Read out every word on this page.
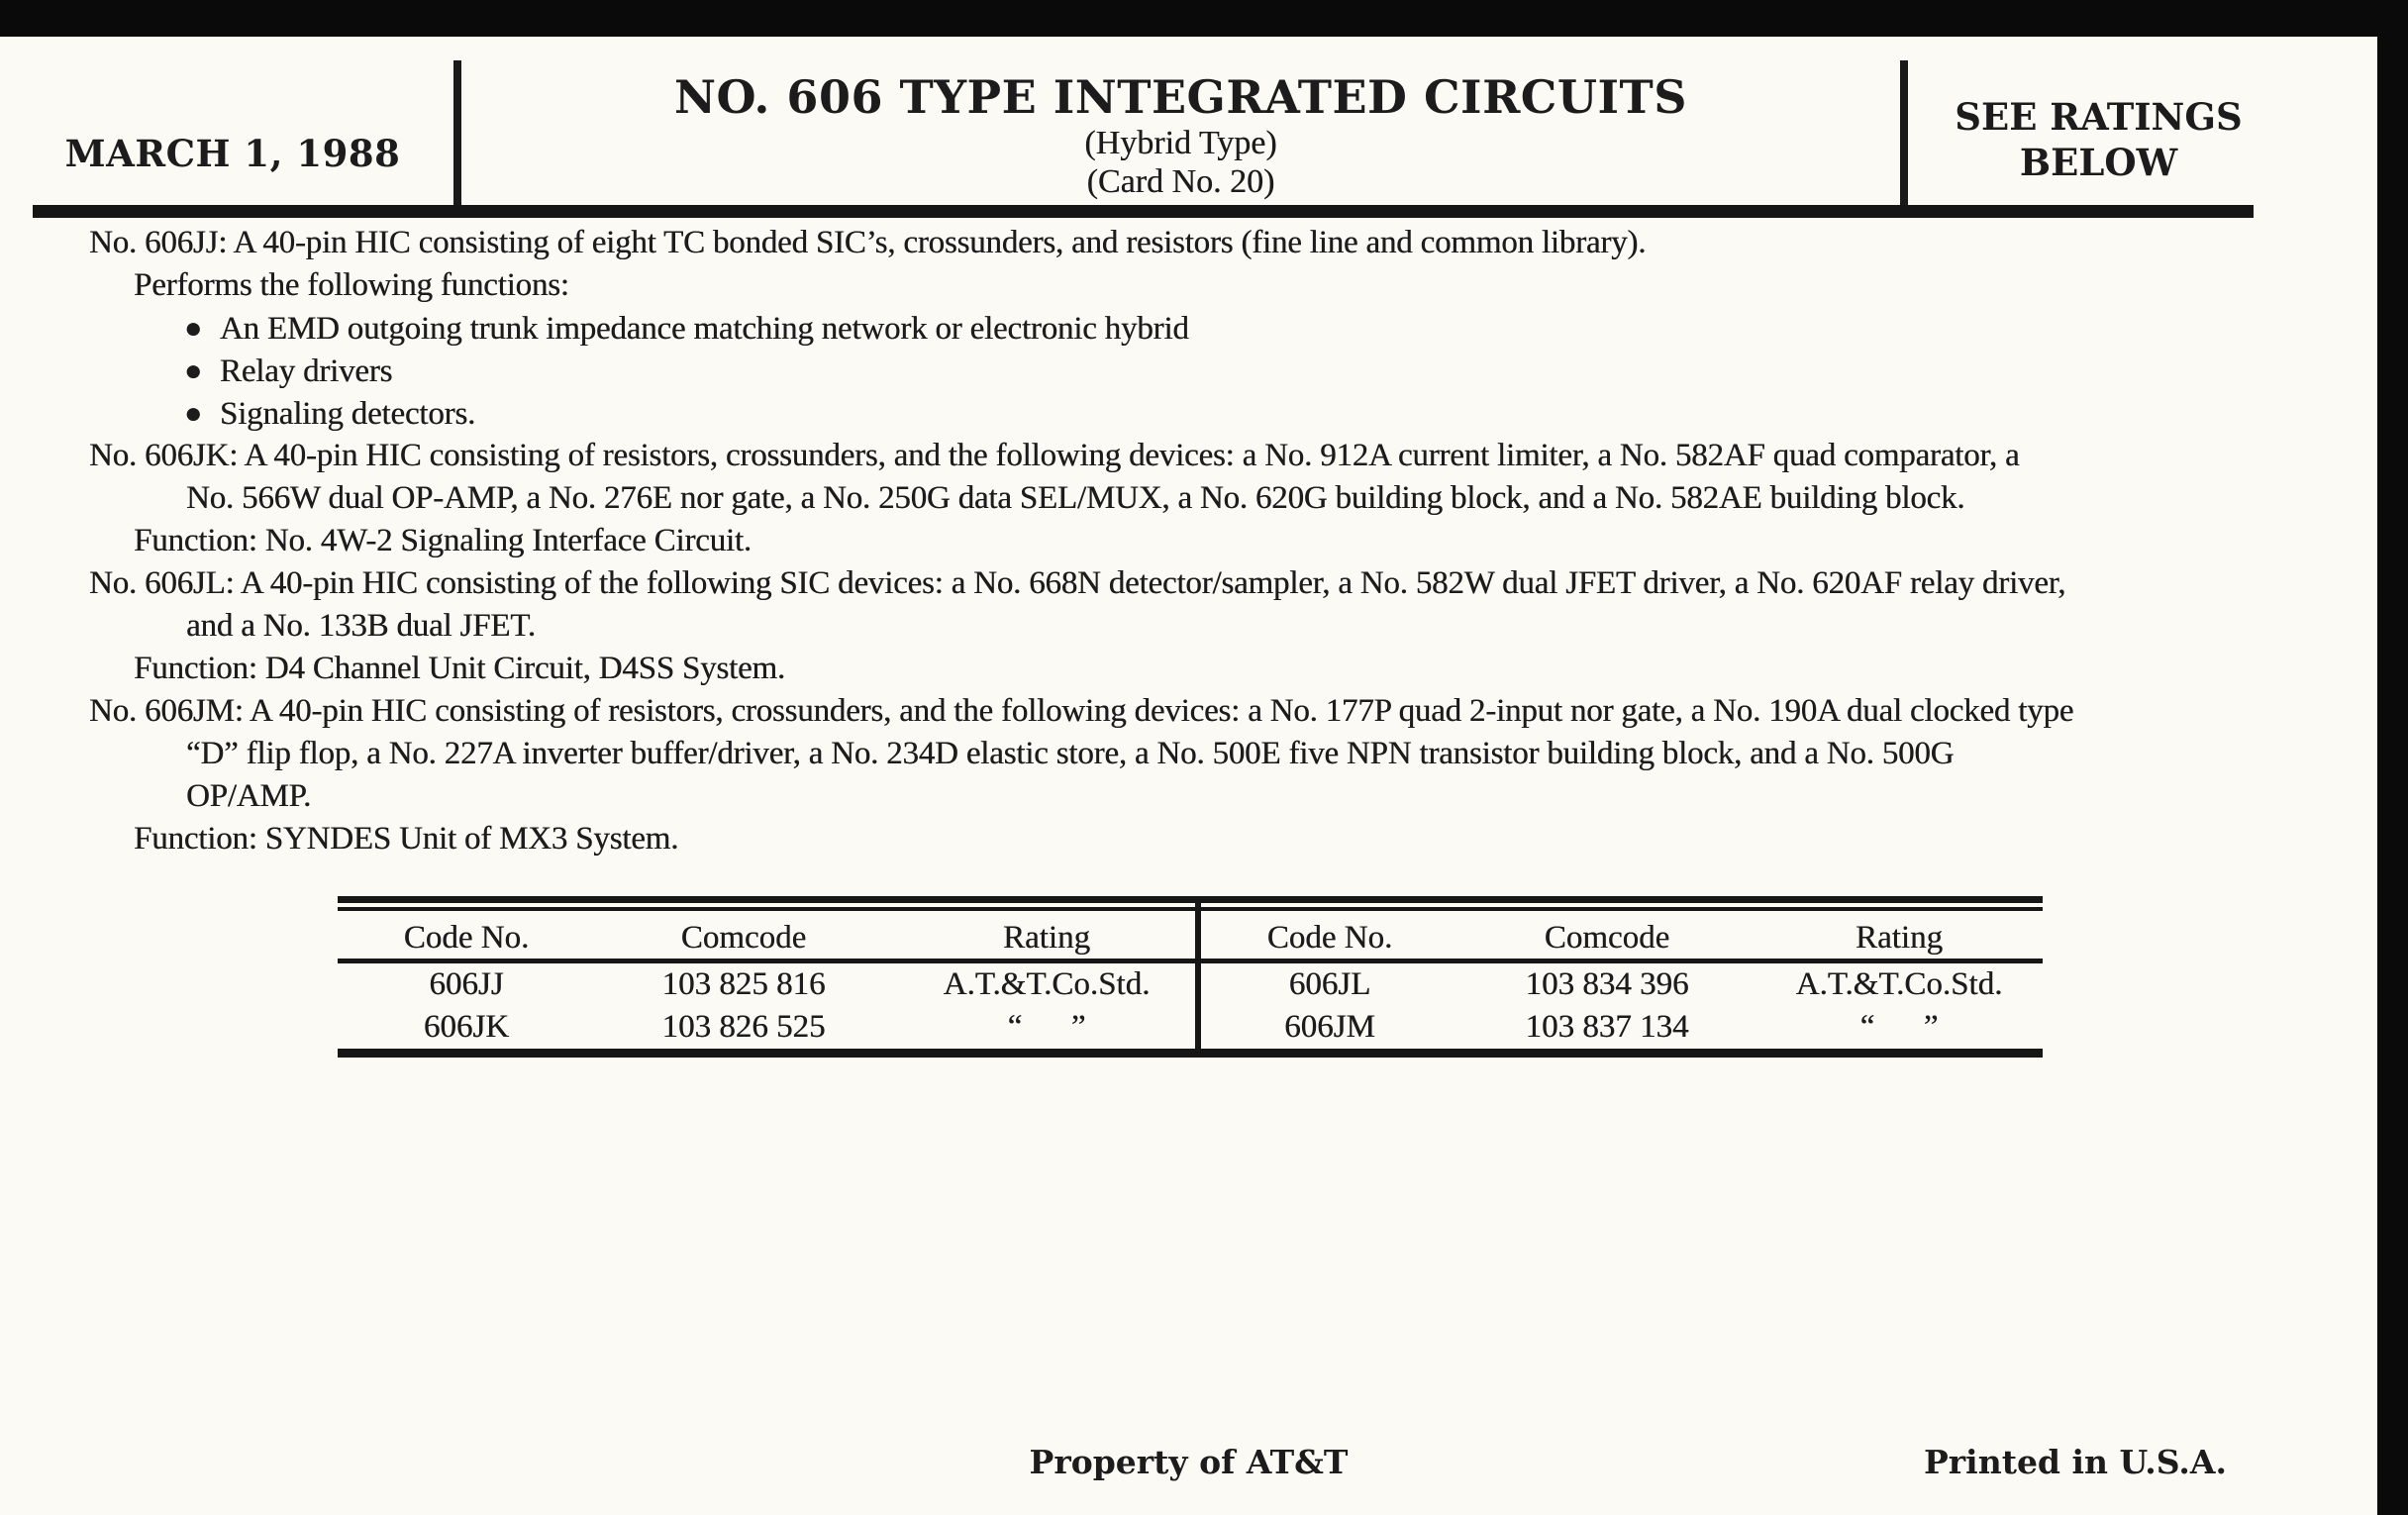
MARCH 1, 1988
NO. 606 TYPE INTEGRATED CIRCUITS
(Hybrid Type)
(Card No. 20)
SEE RATINGS
BELOW
No. 606JJ: A 40-pin HIC consisting of eight TC bonded SIC’s, crossunders, and resistors (fine line and common library).
Performs the following functions:
● An EMD outgoing trunk impedance matching network or electronic hybrid
● Relay drivers
● Signaling detectors.
No. 606JK: A 40-pin HIC consisting of resistors, crossunders, and the following devices: a No. 912A current limiter, a No. 582AF quad comparator, a
No. 566W dual OP-AMP, a No. 276E nor gate, a No. 250G data SEL/MUX, a No. 620G building block, and a No. 582AE building block.
Function: No. 4W-2 Signaling Interface Circuit.
No. 606JL: A 40-pin HIC consisting of the following SIC devices: a No. 668N detector/sampler, a No. 582W dual JFET driver, a No. 620AF relay driver,
and a No. 133B dual JFET.
Function: D4 Channel Unit Circuit, D4SS System.
No. 606JM: A 40-pin HIC consisting of resistors, crossunders, and the following devices: a No. 177P quad 2-input nor gate, a No. 190A dual clocked type
“D” flip flop, a No. 227A inverter buffer/driver, a No. 234D elastic store, a No. 500E five NPN transistor building block, and a No. 500G
OP/AMP.
Function: SYNDES Unit of MX3 System.
Code No.	Comcode	Rating	Code No.	Comcode	Rating
606JJ	103 825 816	A.T.&T.Co.Std.	606JL	103 834 396	A.T.&T.Co.Std.
606JK	103 826 525	“      ”	606JM	103 837 134	“      ”
Property of AT&T	Printed in U.S.A.
